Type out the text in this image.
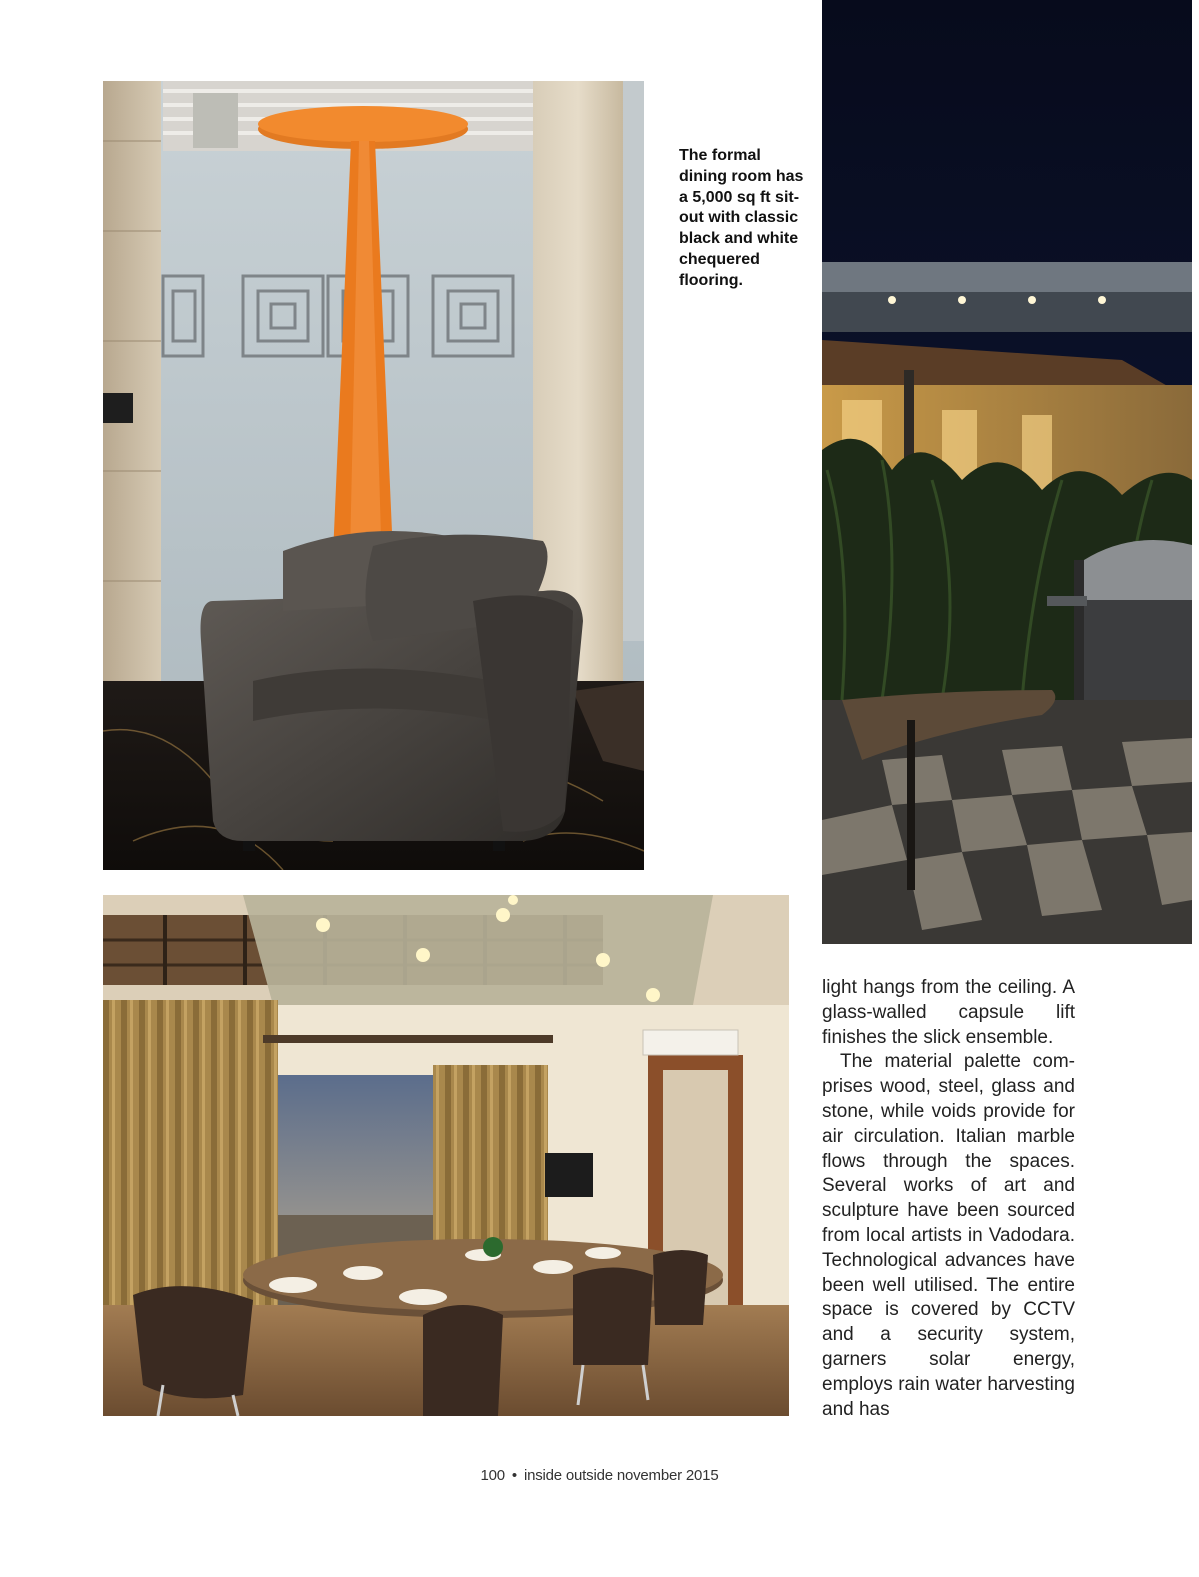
The formal dining room has a 5,000 sq ft sit-out with classic black and white chequered flooring.

light hangs from the ceiling. A glass-walled capsule lift finishes the slick ensemble.

The material palette comprises wood, steel, glass and stone, while voids provide for air circulation. Italian marble flows through the spaces. Several works of art and sculpture have been sourced from local artists in Vadodara. Technological advances have been well utilised. The entire space is covered by CCTV and a security system, garners solar energy, employs rain water harvesting and has

100 • inside outside november 2015
